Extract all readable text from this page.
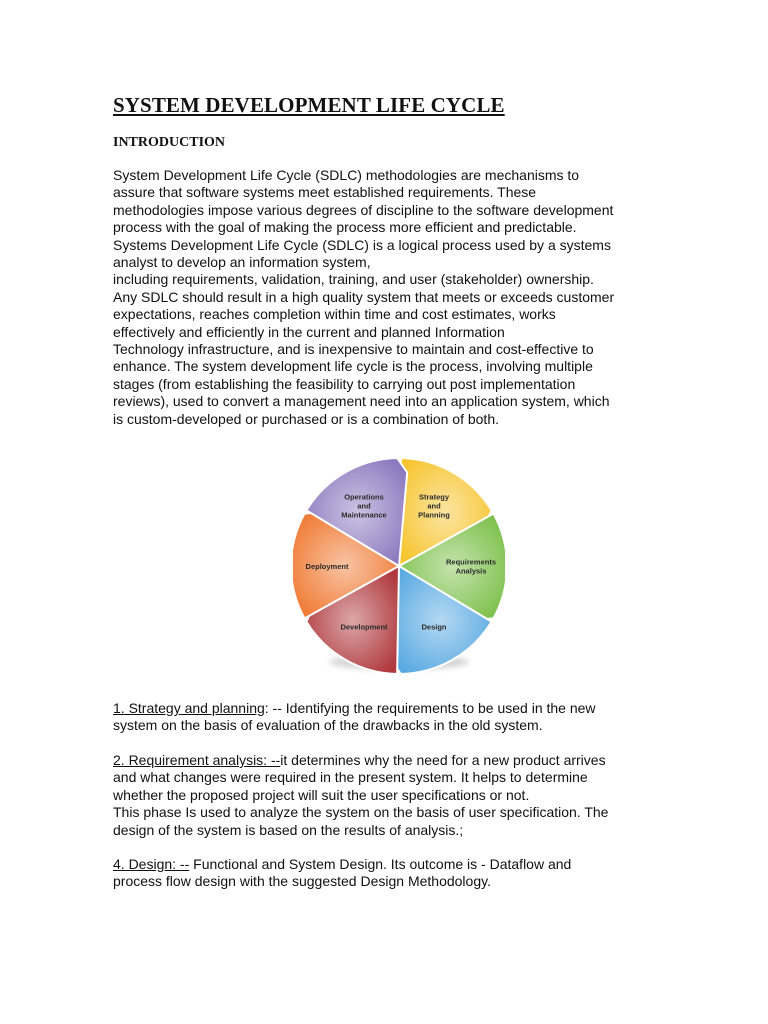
SYSTEM DEVELOPMENT LIFE CYCLE
INTRODUCTION

System Development Life Cycle (SDLC) methodologies are mechanisms to
assure that software systems meet established requirements. These
methodologies impose various degrees of discipline to the software development
process with the goal of making the process more efficient and predictable.
Systems Development Life Cycle (SDLC) is a logical process used by a systems
analyst to develop an information system,
including requirements, validation, training, and user (stakeholder) ownership.
Any SDLC should result in a high quality system that meets or exceeds customer
expectations, reaches completion within time and cost estimates, works
effectively and efficiently in the current and planned Information
Technology infrastructure, and is inexpensive to maintain and cost-effective to
enhance. The system development life cycle is the process, involving multiple
stages (from establishing the feasibility to carrying out post implementation
reviews), used to convert a management need into an application system, which
is custom-developed or purchased or is a combination of both.

1. Strategy and planning: -- Identifying the requirements to be used in the new
system on the basis of evaluation of the drawbacks in the old system.
2. Requirement analysis: --it determines why the need for a new product arrives
and what changes were required in the present system. It helps to determine
whether the proposed project will suit the user specifications or not.
This phase Is used to analyze the system on the basis of user specification. The
design of the system is based on the results of analysis.;
4. Design: -- Functional and System Design. Its outcome is - Dataflow and
process flow design with the suggested Design Methodology.
Strategy
and
Planning
Requirements
Analysis
Design
Development
Deployment
Operations
and
Maintenance
